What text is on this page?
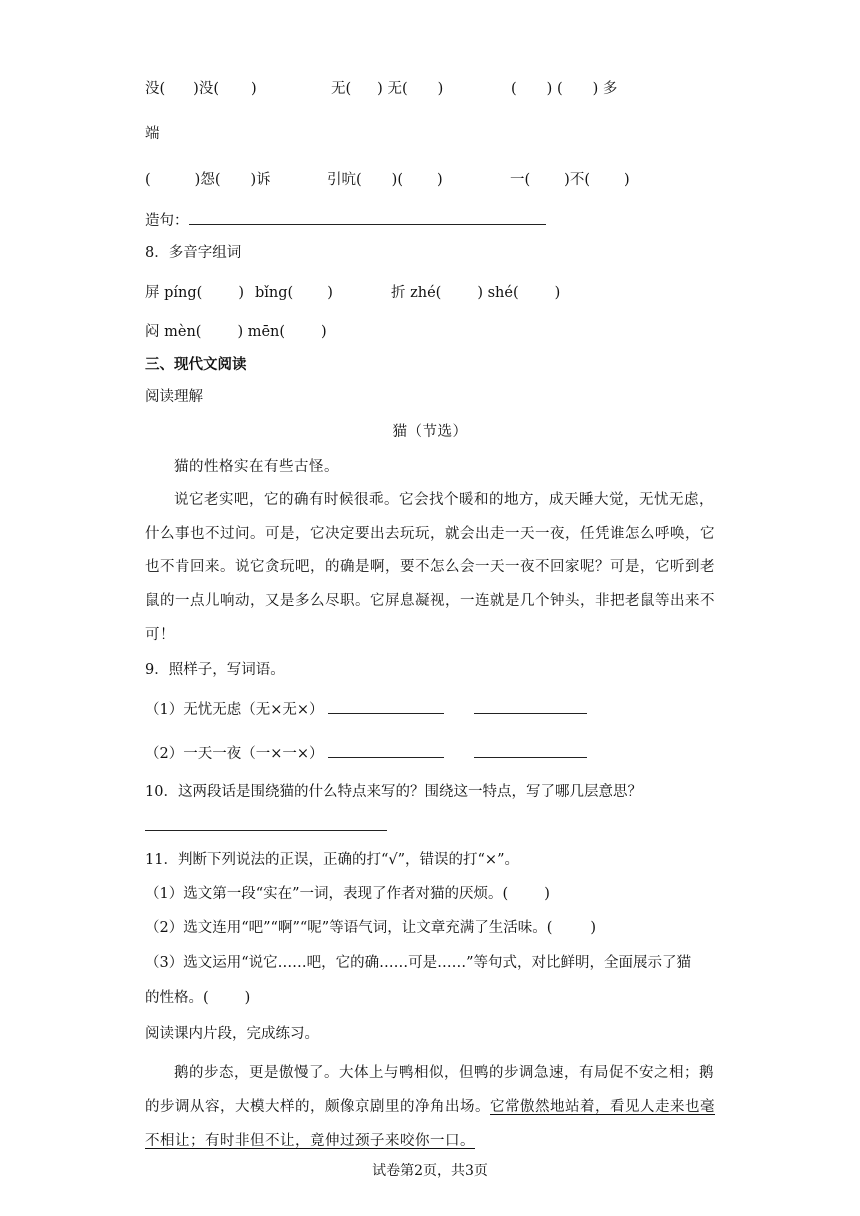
没( )没( )	无( ) 无( )	( ) ( ) 多
端
(	)怨( )诉	引吭( )( )	一( )不( )
造句：
8．多音字组词
屏 píng( ) bǐng( )	折 zhé( ) shé( )
闷 mèn( ) mēn( )
三、现代文阅读
阅读理解
猫（节选）
猫的性格实在有些古怪。
说它老实吧，它的确有时候很乖。它会找个暖和的地方，成天睡大觉，无忧无虑，
什么事也不过问。可是，它决定要出去玩玩，就会出走一天一夜，任凭谁怎么呼唤，它
也不肯回来。说它贪玩吧，的确是啊，要不怎么会一天一夜不回家呢？可是，它听到老
鼠的一点儿响动，又是多么尽职。它屏息凝视，一连就是几个钟头，非把老鼠等出来不
可！
9．照样子，写词语。
（1）无忧无虑（无×无×）
（2）一天一夜（一×一×）
10．这两段话是围绕猫的什么特点来写的？围绕这一特点，写了哪几层意思？
11．判断下列说法的正误，正确的打“√”，错误的打“×”。
（1）选文第一段“实在”一词，表现了作者对猫的厌烦。( )
（2）选文连用“吧”“啊”“呢”等语气词，让文章充满了生活味。(	)
（3）选文运用“说它……吧，它的确……可是……”等句式，对比鲜明，全面展示了猫
的性格。( )
阅读课内片段，完成练习。
鹅的步态，更是傲慢了。大体上与鸭相似，但鸭的步调急速，有局促不安之相；鹅
的步调从容，大模大样的，颇像京剧里的净角出场。它常傲然地站着，看见人走来也毫
不相让；有时非但不让，竟伸过颈子来咬你一口。
试卷第2页，共3页
